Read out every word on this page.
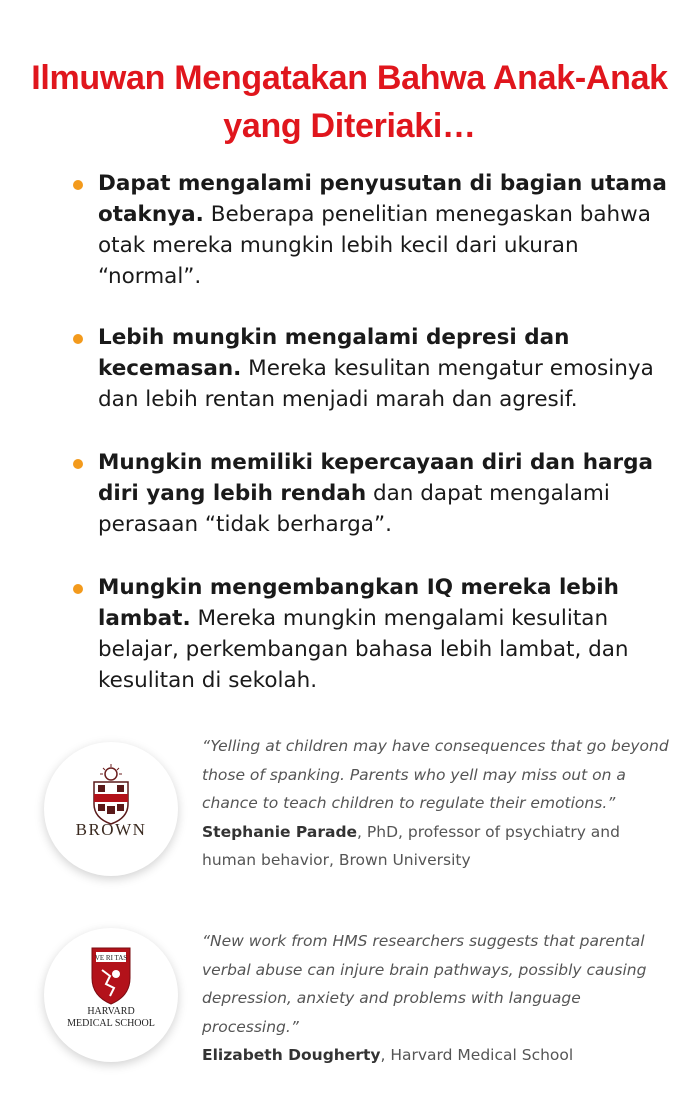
Ilmuwan Mengatakan Bahwa Anak-Anak
yang Diteriaki…
Dapat mengalami penyusutan di bagian utama otaknya. Beberapa penelitian menegaskan bahwa otak mereka mungkin lebih kecil dari ukuran “normal”.
Lebih mungkin mengalami depresi dan kecemasan. Mereka kesulitan mengatur emosinya dan lebih rentan menjadi marah dan agresif.
Mungkin memiliki kepercayaan diri dan harga diri yang lebih rendah dan dapat mengalami perasaan “tidak berharga”.
Mungkin mengembangkan IQ mereka lebih lambat. Mereka mungkin mengalami kesulitan belajar, perkembangan bahasa lebih lambat, dan kesulitan di sekolah.
BROWN
“Yelling at children may have consequences that go beyond those of spanking. Parents who yell may miss out on a chance to teach children to regulate their emotions.”
Stephanie Parade, PhD, professor of psychiatry and human behavior, Brown University
VE RI TAS
HARVARD
MEDICAL SCHOOL
“New work from HMS researchers suggests that parental verbal abuse can injure brain pathways, possibly causing depression, anxiety and problems with language processing.”
Elizabeth Dougherty, Harvard Medical School
